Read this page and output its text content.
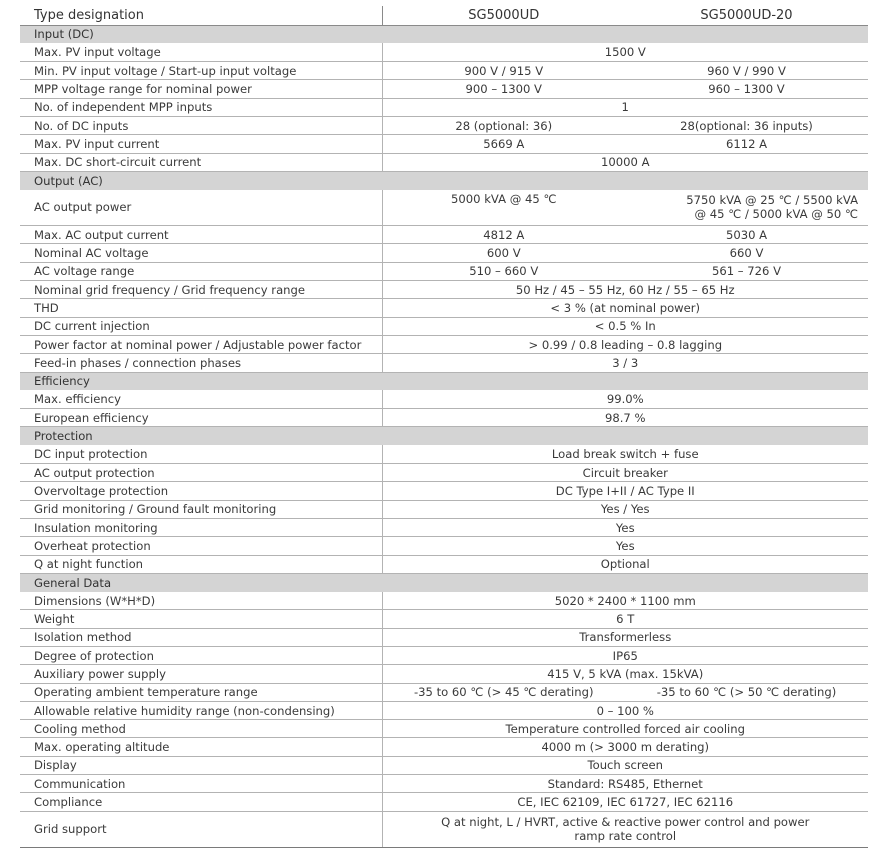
Type designation	SG5000UD	SG5000UD-20
Input (DC)		
Max. PV input voltage	1500 V	
Min. PV input voltage / Start-up input voltage	900 V / 915 V	960 V / 990 V
MPP voltage range for nominal power	900 – 1300 V	960 – 1300 V
No. of independent MPP inputs	1	
No. of DC inputs	28 (optional: 36)	28(optional: 36 inputs)
Max. PV input current	5669 A	6112 A
Max. DC short-circuit current	10000 A	
Output (AC)		
AC output power	5000 kVA @ 45 ℃	5750 kVA @ 25 ℃ / 5500 kVA
@ 45 ℃ / 5000 kVA @ 50 ℃

Max. AC output current	4812 A	5030 A
Nominal AC voltage	600 V	660 V
AC voltage range	510 – 660 V	561 – 726 V
Nominal grid frequency / Grid frequency range	50 Hz / 45 – 55 Hz, 60 Hz / 55 – 65 Hz	
THD	< 3 % (at nominal power)	
DC current injection	< 0.5 % In	
Power factor at nominal power / Adjustable power factor	> 0.99 / 0.8 leading – 0.8 lagging	
Feed-in phases / connection phases	3 / 3	
Efficiency		
Max. efficiency	99.0%	
European efficiency	98.7 %	
Protection		
DC input protection	Load break switch + fuse	
AC output protection	Circuit breaker	
Overvoltage protection	DC Type I+II / AC Type II	
Grid monitoring / Ground fault monitoring	Yes / Yes	
Insulation monitoring	Yes	
Overheat protection	Yes	
Q at night function	Optional	
General Data		
Dimensions (W*H*D)	5020 * 2400 * 1100 mm	
Weight	6 T	
Isolation method	Transformerless	
Degree of protection	IP65	
Auxiliary power supply	415 V, 5 kVA (max. 15kVA)	
Operating ambient temperature range	-35 to 60 ℃ (> 45 ℃ derating)	-35 to 60 ℃ (> 50 ℃ derating)
Allowable relative humidity range (non-condensing)	0 – 100 %	
Cooling method	Temperature controlled forced air cooling	
Max. operating altitude	4000 m (> 3000 m derating)	
Display	Touch screen	
Communication	Standard: RS485, Ethernet	
Compliance	CE, IEC 62109, IEC 61727, IEC 62116	
Grid support	Q at night, L / HVRT, active & reactive power control and power
ramp rate control	
